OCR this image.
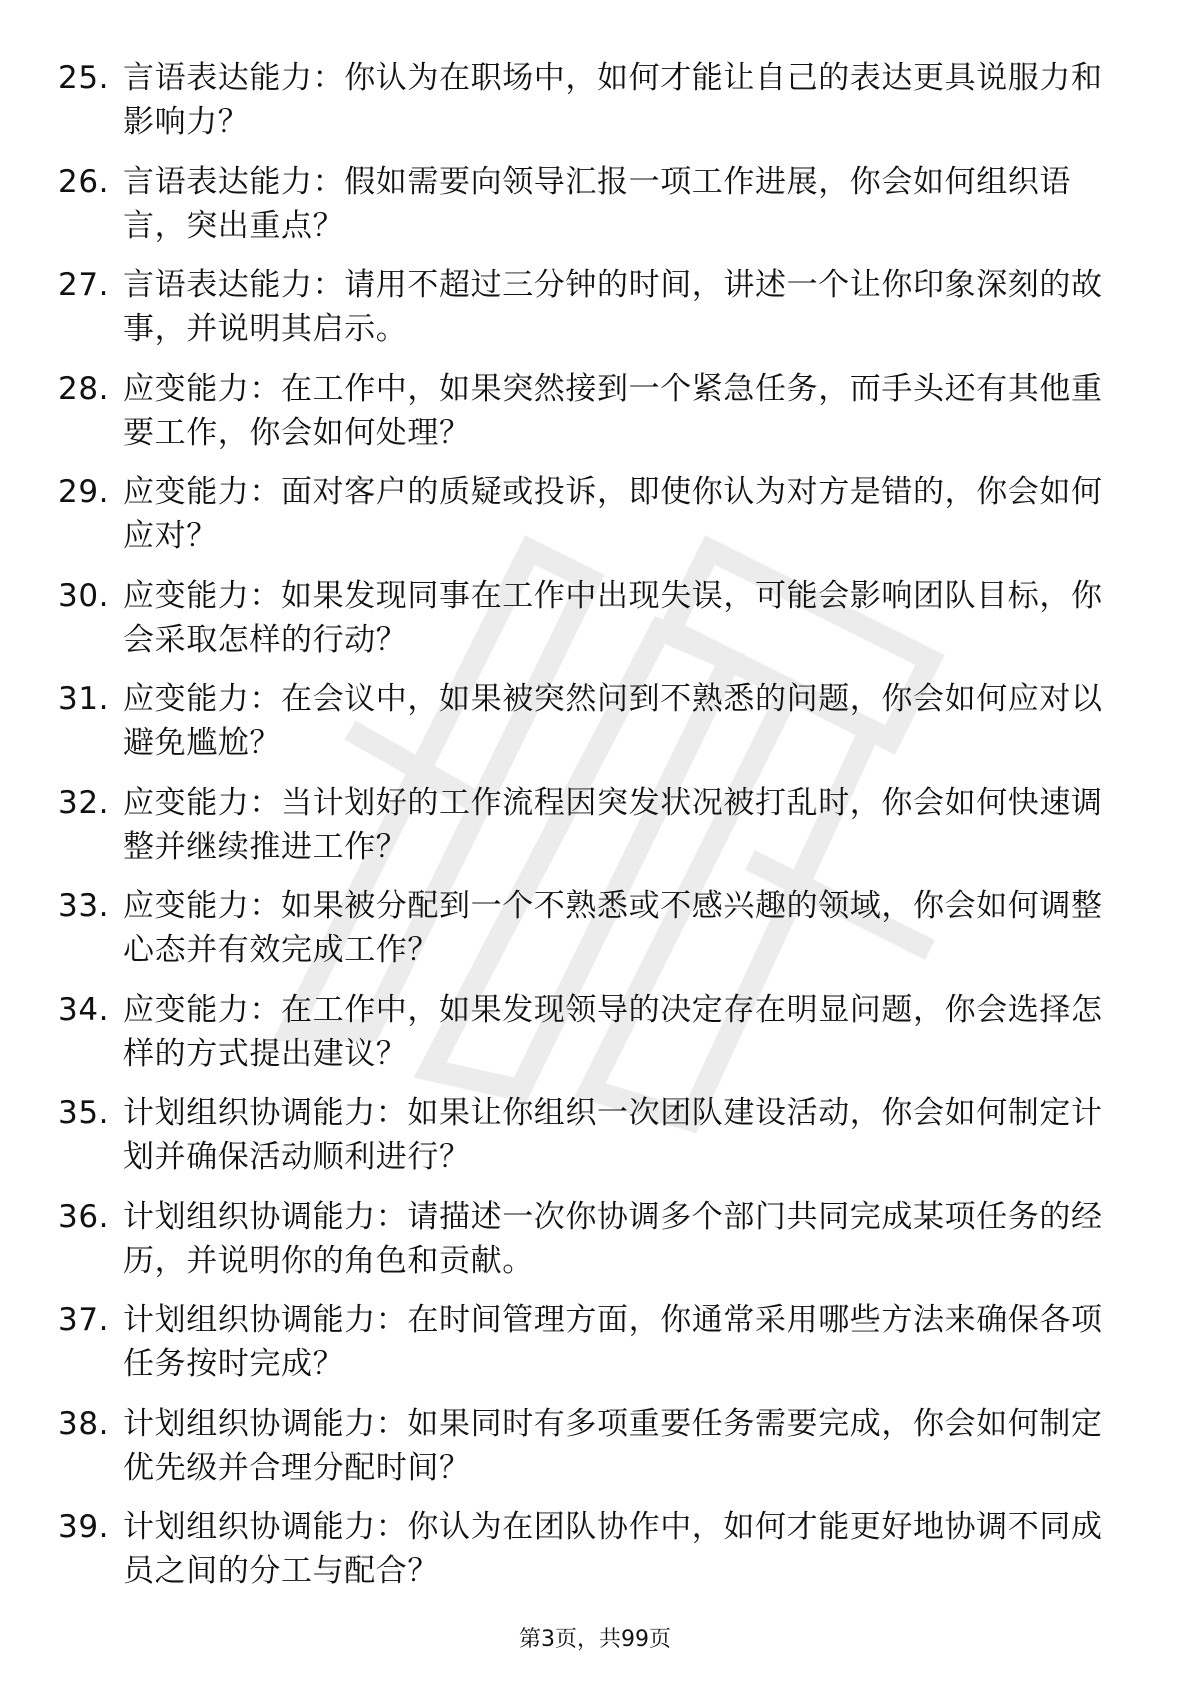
25. 言语表达能力：你认为在职场中，如何才能让自己的表达更具说服力和影响力？
26. 言语表达能力：假如需要向领导汇报一项工作进展，你会如何组织语言，突出重点？
27. 言语表达能力：请用不超过三分钟的时间，讲述一个让你印象深刻的故事，并说明其启示。
28. 应变能力：在工作中，如果突然接到一个紧急任务，而手头还有其他重要工作，你会如何处理？
29. 应变能力：面对客户的质疑或投诉，即使你认为对方是错的，你会如何应对？
30. 应变能力：如果发现同事在工作中出现失误，可能会影响团队目标，你会采取怎样的行动？
31. 应变能力：在会议中，如果被突然问到不熟悉的问题，你会如何应对以避免尴尬？
32. 应变能力：当计划好的工作流程因突发状况被打乱时，你会如何快速调整并继续推进工作？
33. 应变能力：如果被分配到一个不熟悉或不感兴趣的领域，你会如何调整心态并有效完成工作？
34. 应变能力：在工作中，如果发现领导的决定存在明显问题，你会选择怎样的方式提出建议？
35. 计划组织协调能力：如果让你组织一次团队建设活动，你会如何制定计划并确保活动顺利进行？
36. 计划组织协调能力：请描述一次你协调多个部门共同完成某项任务的经历，并说明你的角色和贡献。
37. 计划组织协调能力：在时间管理方面，你通常采用哪些方法来确保各项任务按时完成？
38. 计划组织协调能力：如果同时有多项重要任务需要完成，你会如何制定优先级并合理分配时间？
39. 计划组织协调能力：你认为在团队协作中，如何才能更好地协调不同成员之间的分工与配合？
第3页，共99页
